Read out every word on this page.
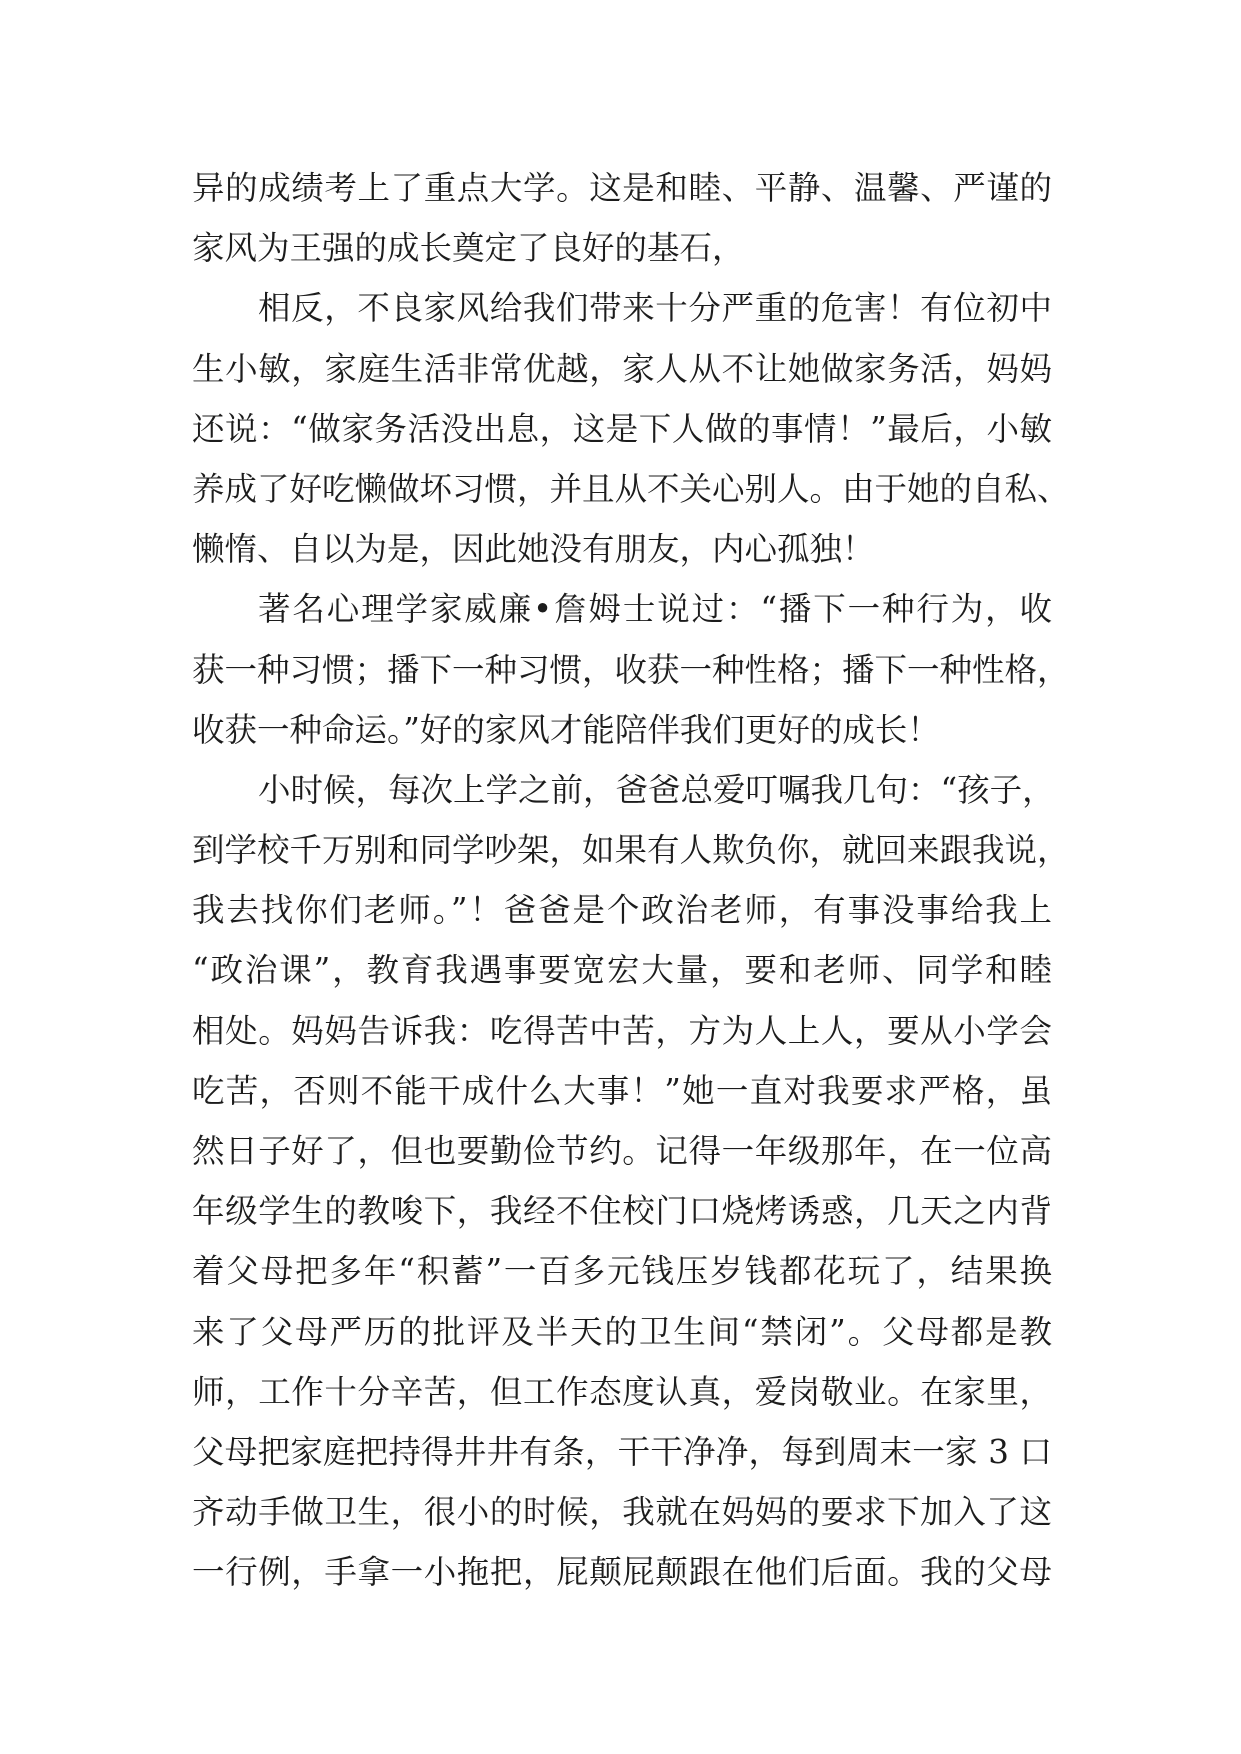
异的成绩考上了重点大学。这是和睦、平静、温馨、严谨的
家风为王强的成长奠定了良好的基石，
相反，不良家风给我们带来十分严重的危害！有位初中
生小敏，家庭生活非常优越，家人从不让她做家务活，妈妈
还说：“做家务活没出息，这是下人做的事情！”最后，小敏
养成了好吃懒做坏习惯，并且从不关心别人。由于她的自私、
懒惰、自以为是，因此她没有朋友，内心孤独！
著名心理学家威廉•詹姆士说过：“播下一种行为，收
获一种习惯；播下一种习惯，收获一种性格；播下一种性格，
收获一种命运。”好的家风才能陪伴我们更好的成长！
小时候，每次上学之前，爸爸总爱叮嘱我几句：“孩子，
到学校千万别和同学吵架，如果有人欺负你，就回来跟我说，
我去找你们老师。”！爸爸是个政治老师，有事没事给我上
“政治课”，教育我遇事要宽宏大量，要和老师、同学和睦
相处。妈妈告诉我：吃得苦中苦，方为人上人，要从小学会
吃苦，否则不能干成什么大事！”她一直对我要求严格，虽
然日子好了，但也要勤俭节约。记得一年级那年，在一位高
年级学生的教唆下，我经不住校门口烧烤诱惑，几天之内背
着父母把多年“积蓄”一百多元钱压岁钱都花玩了，结果换
来了父母严历的批评及半天的卫生间“禁闭”。父母都是教
师，工作十分辛苦，但工作态度认真，爱岗敬业。在家里，
父母把家庭把持得井井有条，干干净净，每到周末一家 3 口
齐动手做卫生，很小的时候，我就在妈妈的要求下加入了这
一行例，手拿一小拖把，屁颠屁颠跟在他们后面。我的父母
